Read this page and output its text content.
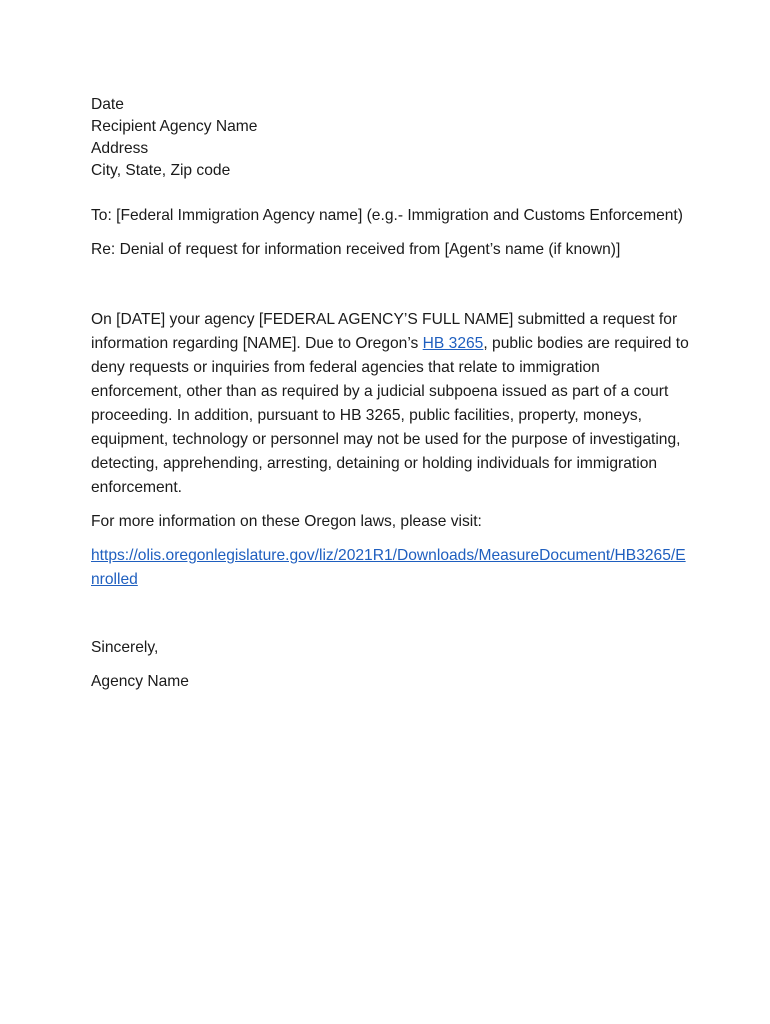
Date
Recipient Agency Name
Address
City, State, Zip code
To: [Federal Immigration Agency name] (e.g.- Immigration and Customs Enforcement)
Re: Denial of request for information received from [Agent’s name (if known)]
On [DATE] your agency [FEDERAL AGENCY’S FULL NAME] submitted a request for information regarding [NAME]. Due to Oregon’s HB 3265, public bodies are required to deny requests or inquiries from federal agencies that relate to immigration enforcement, other than as required by a judicial subpoena issued as part of a court proceeding. In addition, pursuant to HB 3265, public facilities, property, moneys, equipment, technology or personnel may not be used for the purpose of investigating, detecting, apprehending, arresting, detaining or holding individuals for immigration enforcement.
For more information on these Oregon laws, please visit:
https://olis.oregonlegislature.gov/liz/2021R1/Downloads/MeasureDocument/HB3265/Enrolled
Sincerely,
Agency Name
